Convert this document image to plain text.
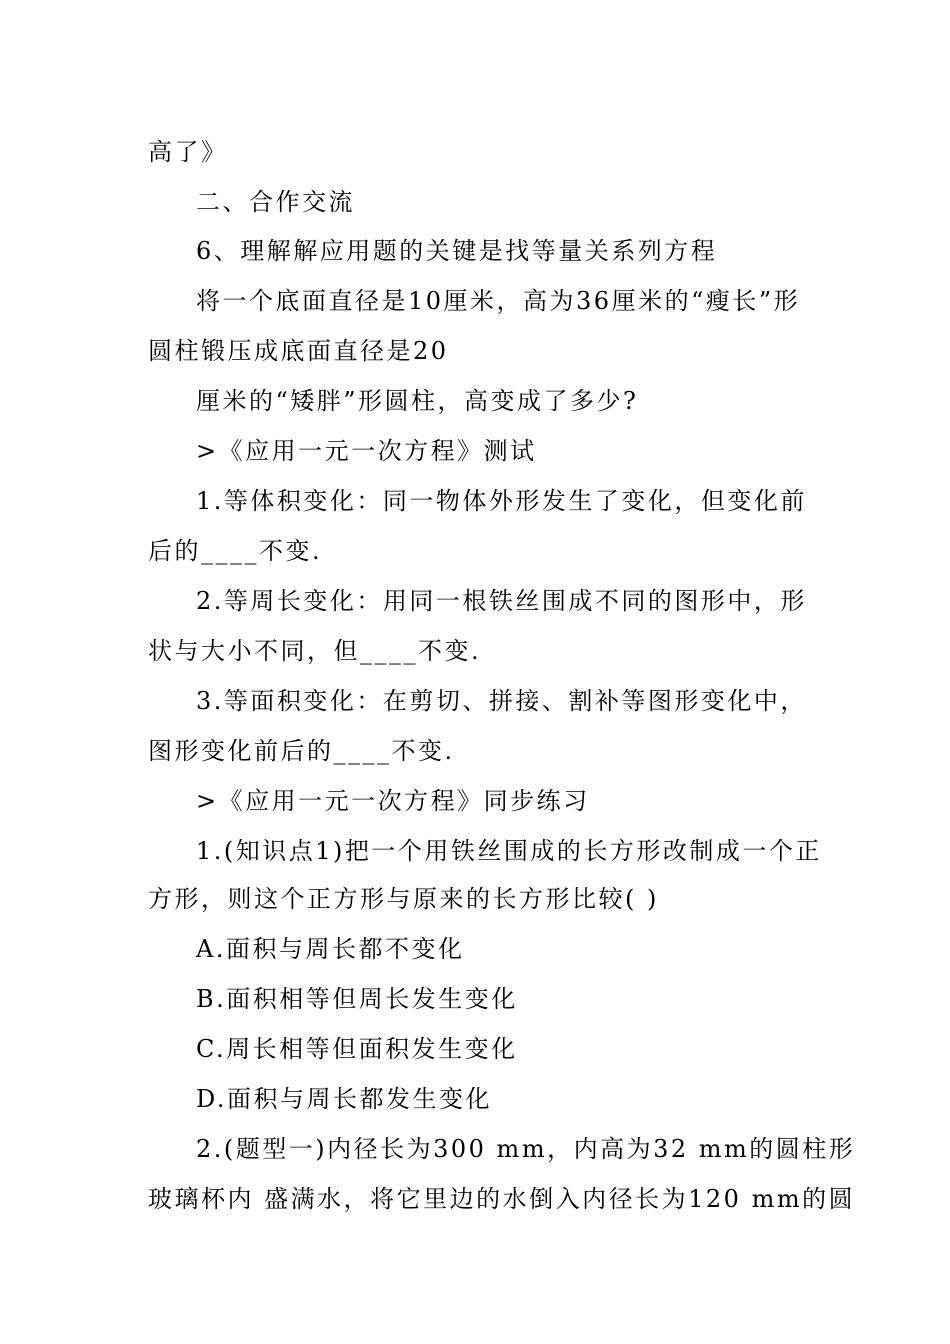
高了》
二、合作交流
6、理解解应用题的关键是找等量关系列方程
将一个底面直径是10厘米，高为36厘米的“瘦长”形
圆柱锻压成底面直径是20
厘米的“矮胖”形圆柱，高变成了多少?
>《应用一元一次方程》测试
1.等体积变化：同一物体外形发生了变化，但变化前
后的____不变.
2.等周长变化：用同一根铁丝围成不同的图形中，形
状与大小不同，但____不变.
3.等面积变化：在剪切、拼接、割补等图形变化中，
图形变化前后的____不变.
>《应用一元一次方程》同步练习
1.(知识点1)把一个用铁丝围成的长方形改制成一个正
方形，则这个正方形与原来的长方形比较( )
A.面积与周长都不变化
B.面积相等但周长发生变化
C.周长相等但面积发生变化
D.面积与周长都发生变化
2.(题型一)内径长为300 mm，内高为32 mm的圆柱形
玻璃杯内 盛满水，将它里边的水倒入内径长为120 mm的圆
